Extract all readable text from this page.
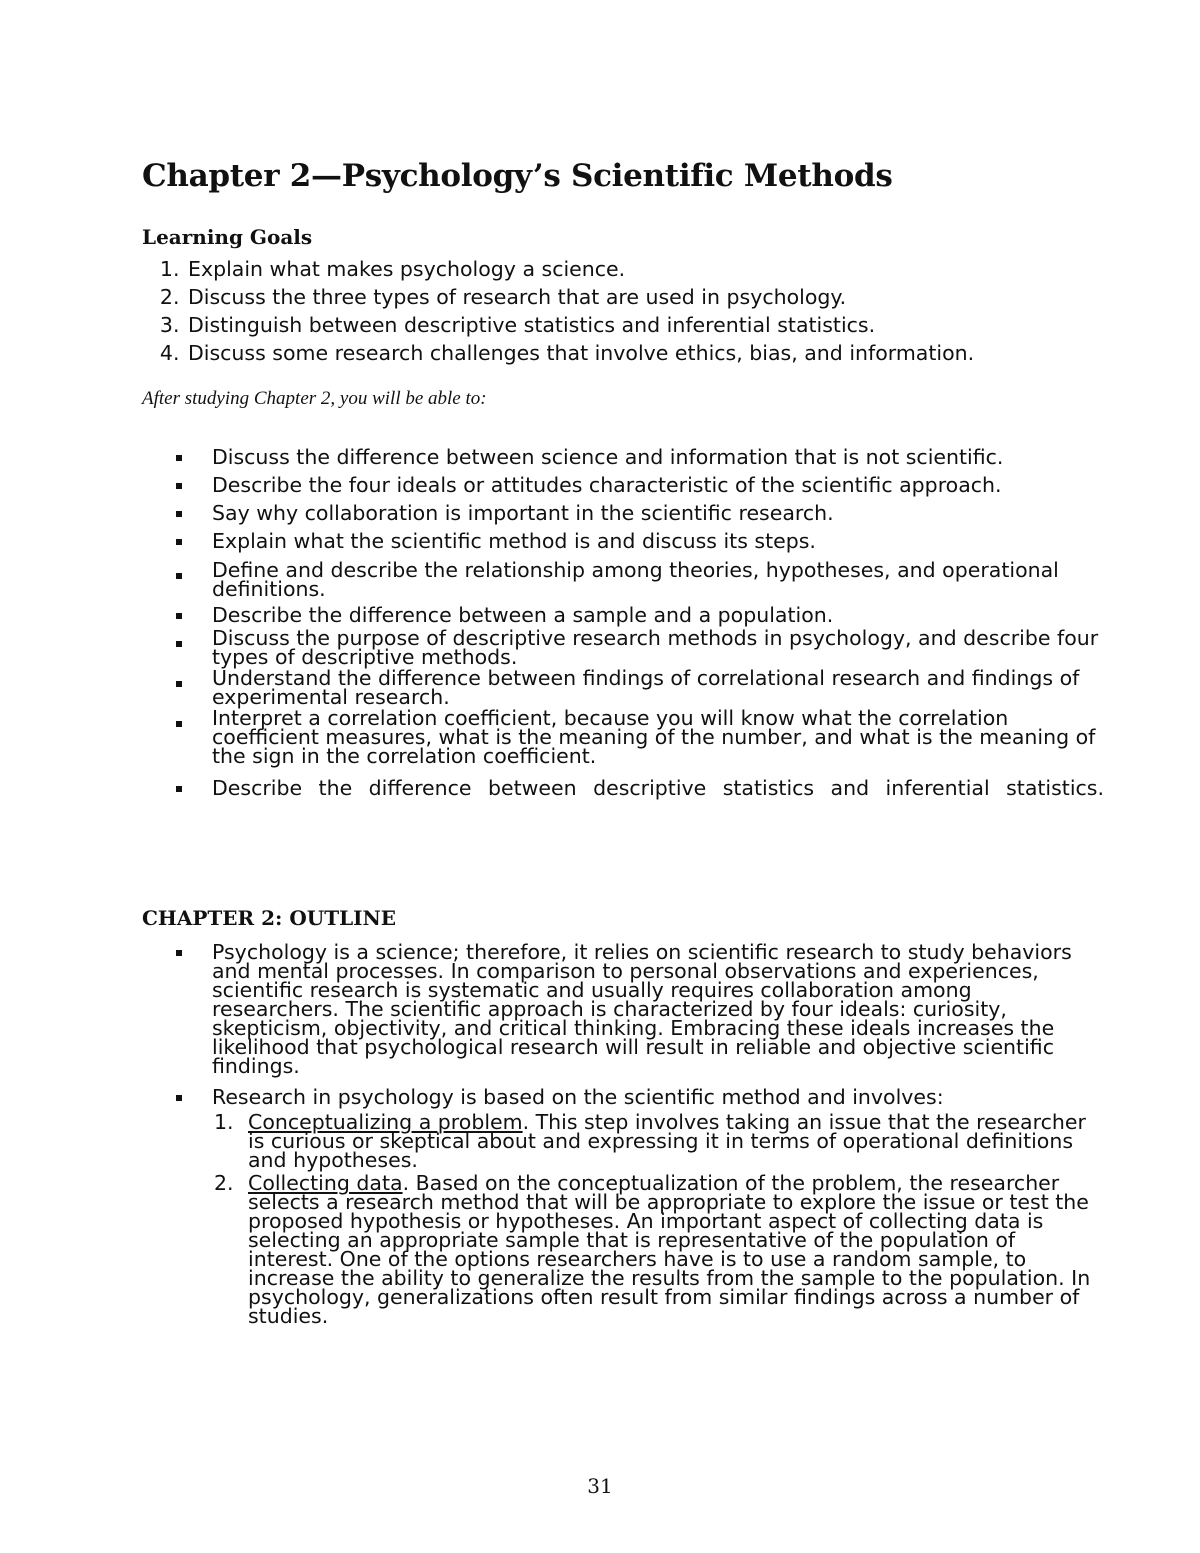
Chapter 2—Psychology’s Scientific Methods
Learning Goals
1. Explain what makes psychology a science.
2. Discuss the three types of research that are used in psychology.
3. Distinguish between descriptive statistics and inferential statistics.
4. Discuss some research challenges that involve ethics, bias, and information.

After studying Chapter 2, you will be able to:

Discuss the difference between science and information that is not scientific.
Describe the four ideals or attitudes characteristic of the scientific approach.
Say why collaboration is important in the scientific research.
Explain what the scientific method is and discuss its steps.
Define and describe the relationship among theories, hypotheses, and operational definitions.
Describe the difference between a sample and a population.
Discuss the purpose of descriptive research methods in psychology, and describe four types of descriptive methods.
Understand the difference between findings of correlational research and findings of experimental research.
Interpret a correlation coefficient, because you will know what the correlation coefficient measures, what is the meaning of the number, and what is the meaning of the sign in the correlation coefficient.
Describe the difference between descriptive statistics and inferential statistics.
CHAPTER 2: OUTLINE
Psychology is a science; therefore, it relies on scientific research to study behaviors and mental processes. In comparison to personal observations and experiences, scientific research is systematic and usually requires collaboration among researchers. The scientific approach is characterized by four ideals: curiosity, skepticism, objectivity, and critical thinking. Embracing these ideals increases the likelihood that psychological research will result in reliable and objective scientific findings.
Research in psychology is based on the scientific method and involves:
1. Conceptualizing a problem. This step involves taking an issue that the researcher is curious or skeptical about and expressing it in terms of operational definitions and hypotheses.
2. Collecting data. Based on the conceptualization of the problem, the researcher selects a research method that will be appropriate to explore the issue or test the proposed hypothesis or hypotheses. An important aspect of collecting data is selecting an appropriate sample that is representative of the population of interest. One of the options researchers have is to use a random sample, to increase the ability to generalize the results from the sample to the population. In psychology, generalizations often result from similar findings across a number of studies.

31
